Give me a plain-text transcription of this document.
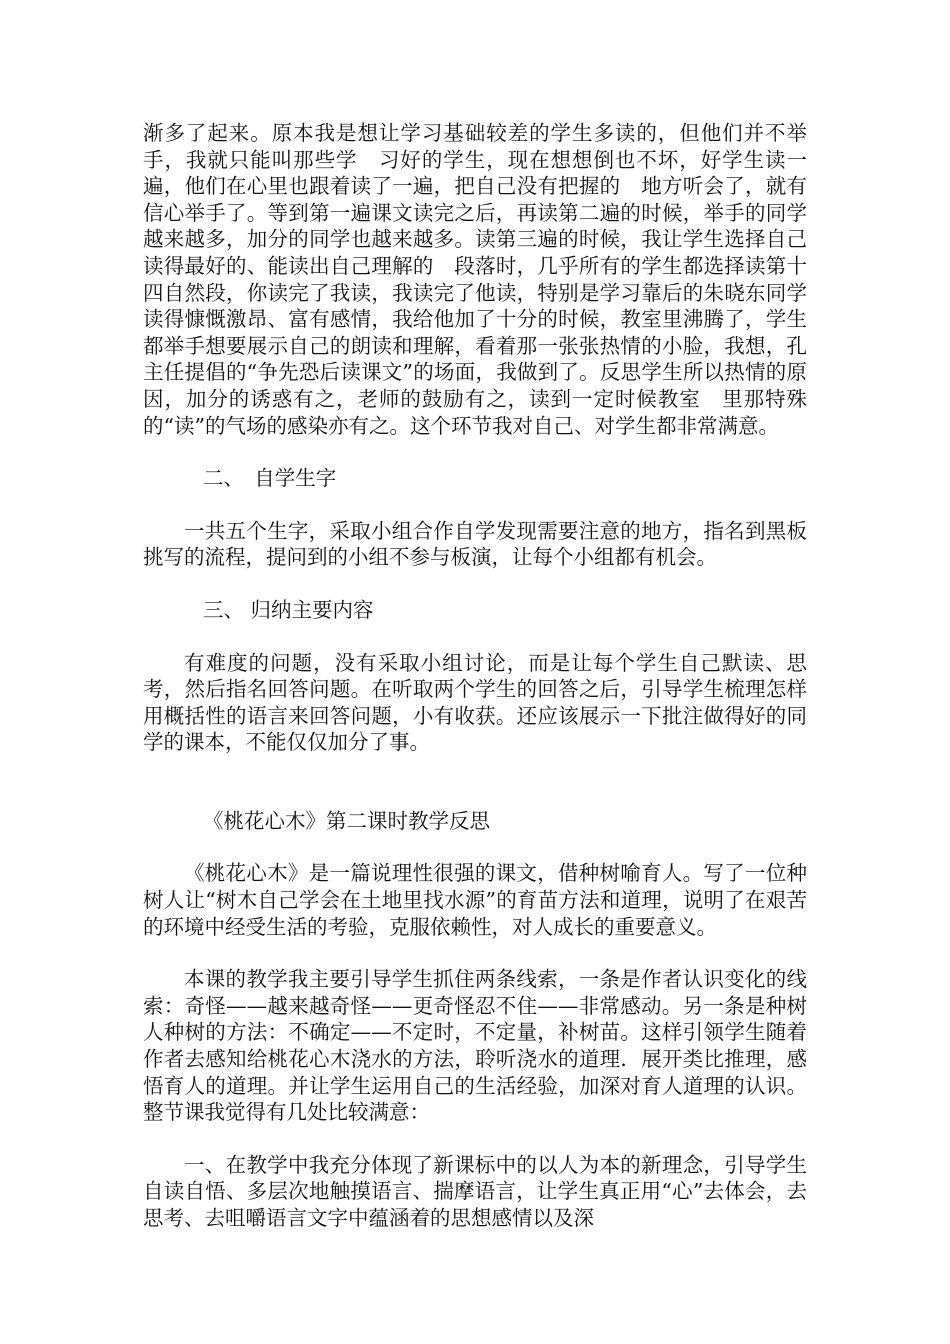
渐多了起来。原本我是想让学习基础较差的学生多读的，但他们并不举手，我就只能叫那些学　习好的学生，现在想想倒也不坏，好学生读一遍，他们在心里也跟着读了一遍，把自己没有把握的　地方听会了，就有信心举手了。等到第一遍课文读完之后，再读第二遍的时候，举手的同学越来越多，加分的同学也越来越多。读第三遍的时候，我让学生选择自己读得最好的、能读出自己理解的　段落时，几乎所有的学生都选择读第十四自然段，你读完了我读，我读完了他读，特别是学习靠后的朱晓东同学读得慷慨激昂、富有感情，我给他加了十分的时候，教室里沸腾了，学生都举手想要展示自己的朗读和理解，看着那一张张热情的小脸，我想，孔主任提倡的“争先恐后读课文”的场面，我做到了。反思学生所以热情的原因，加分的诱惑有之，老师的鼓励有之，读到一定时候教室　里那特殊的“读”的气场的感染亦有之。这个环节我对自己、对学生都非常满意。

二、　自学生字

一共五个生字，采取小组合作自学发现需要注意的地方，指名到黑板挑写的流程，提问到的小组不参与板演，让每个小组都有机会。

三、 归纳主要内容

有难度的问题，没有采取小组讨论，而是让每个学生自己默读、思考，然后指名回答问题。在听取两个学生的回答之后，引导学生梳理怎样用概括性的语言来回答问题，小有收获。还应该展示一下批注做得好的同学的课本，不能仅仅加分了事。

《桃花心木》第二课时教学反思

《桃花心木》是一篇说理性很强的课文，借种树喻育人。写了一位种树人让“树木自己学会在土地里找水源”的育苗方法和道理，说明了在艰苦的环境中经受生活的考验，克服依赖性，对人成长的重要意义。

本课的教学我主要引导学生抓住两条线索，一条是作者认识变化的线索：奇怪——越来越奇怪——更奇怪忍不住——非常感动。另一条是种树人种树的方法：不确定——不定时，不定量，补树苗。这样引领学生随着作者去感知给桃花心木浇水的方法，聆听浇水的道理．展开类比推理，感悟育人的道理。并让学生运用自己的生活经验，加深对育人道理的认识。整节课我觉得有几处比较满意：

一、在教学中我充分体现了新课标中的以人为本的新理念，引导学生自读自悟、多层次地触摸语言、揣摩语言，让学生真正用“心”去体会，去思考、去咀嚼语言文字中蕴涵着的思想感情以及深
